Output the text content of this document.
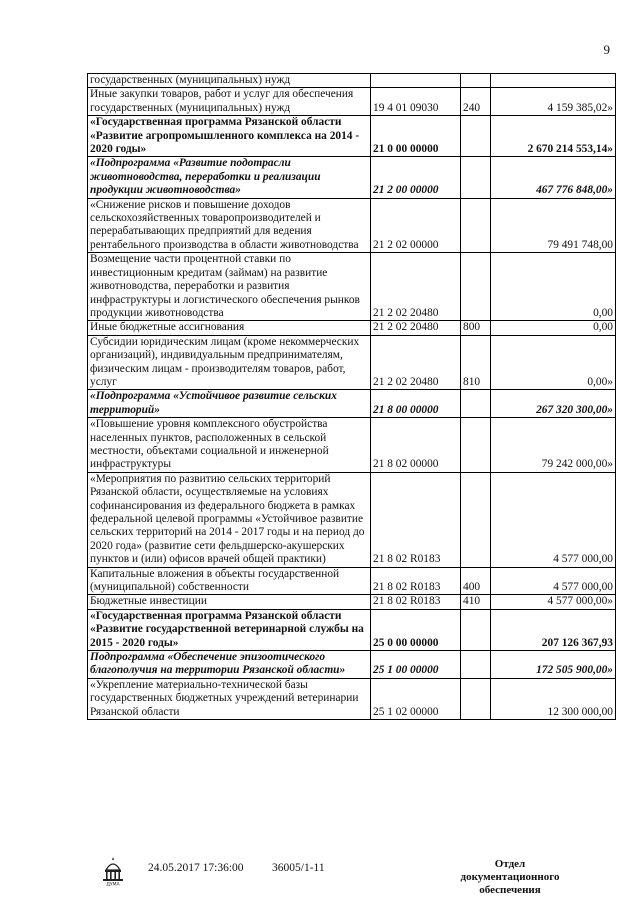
9
государственных (муниципальных) нужд			
Иные закупки товаров, работ и услуг для обеспечения государственных (муниципальных) нужд	19 4 01 09030	240	4 159 385,02»
«Государственная программа Рязанской области «Развитие агропромышленного комплекса на 2014 - 2020 годы»	21 0 00 00000		2 670 214 553,14»
«Подпрограмма «Развитие подотрасли животноводства, переработки и реализации продукции животноводства»	21 2 00 00000		467 776 848,00»
«Снижение рисков и повышение доходов сельскохозяйственных товаропроизводителей и перерабатывающих предприятий для ведения рентабельного производства в области животноводства	21 2 02 00000		79 491 748,00
Возмещение части процентной ставки по инвестиционным кредитам (займам) на развитие животноводства, переработки и развития инфраструктуры и логистического обеспечения рынков продукции животноводства	21 2 02 20480		0,00
Иные бюджетные ассигнования	21 2 02 20480	800	0,00
Субсидии юридическим лицам (кроме некоммерческих организаций), индивидуальным предпринимателям, физическим лицам - производителям товаров, работ, услуг	21 2 02 20480	810	0,00»
«Подпрограмма «Устойчивое развитие сельских территорий»	21 8 00 00000		267 320 300,00»
«Повышение уровня комплексного обустройства населенных пунктов, расположенных в сельской местности, объектами социальной и инженерной инфраструктуры	21 8 02 00000		79 242 000,00»
«Мероприятия по развитию сельских территорий Рязанской области, осуществляемые на условиях софинансирования из федерального бюджета в рамках федеральной целевой программы «Устойчивое развитие сельских территорий на 2014 - 2017 годы и на период до 2020 года» (развитие сети фельдшерско-акушерских пунктов и (или) офисов врачей общей практики)	21 8 02 R0183		4 577 000,00
Капитальные вложения в объекты государственной (муниципальной) собственности	21 8 02 R0183	400	4 577 000,00
Бюджетные инвестиции	21 8 02 R0183	410	4 577 000,00»
«Государственная программа Рязанской области «Развитие государственной ветеринарной службы на 2015 - 2020 годы»	25 0 00 00000		207 126 367,93
Подпрограмма «Обеспечение эпизоотического благополучия на территории Рязанской области»	25 1 00 00000		172 505 900,00»
«Укрепление материально-технической базы государственных бюджетных учреждений ветеринарии Рязанской области	25 1 02 00000		12 300 000,00
ДУМА
24.05.2017 17:36:00 36005/1-11	Отдел документационного обеспечения
